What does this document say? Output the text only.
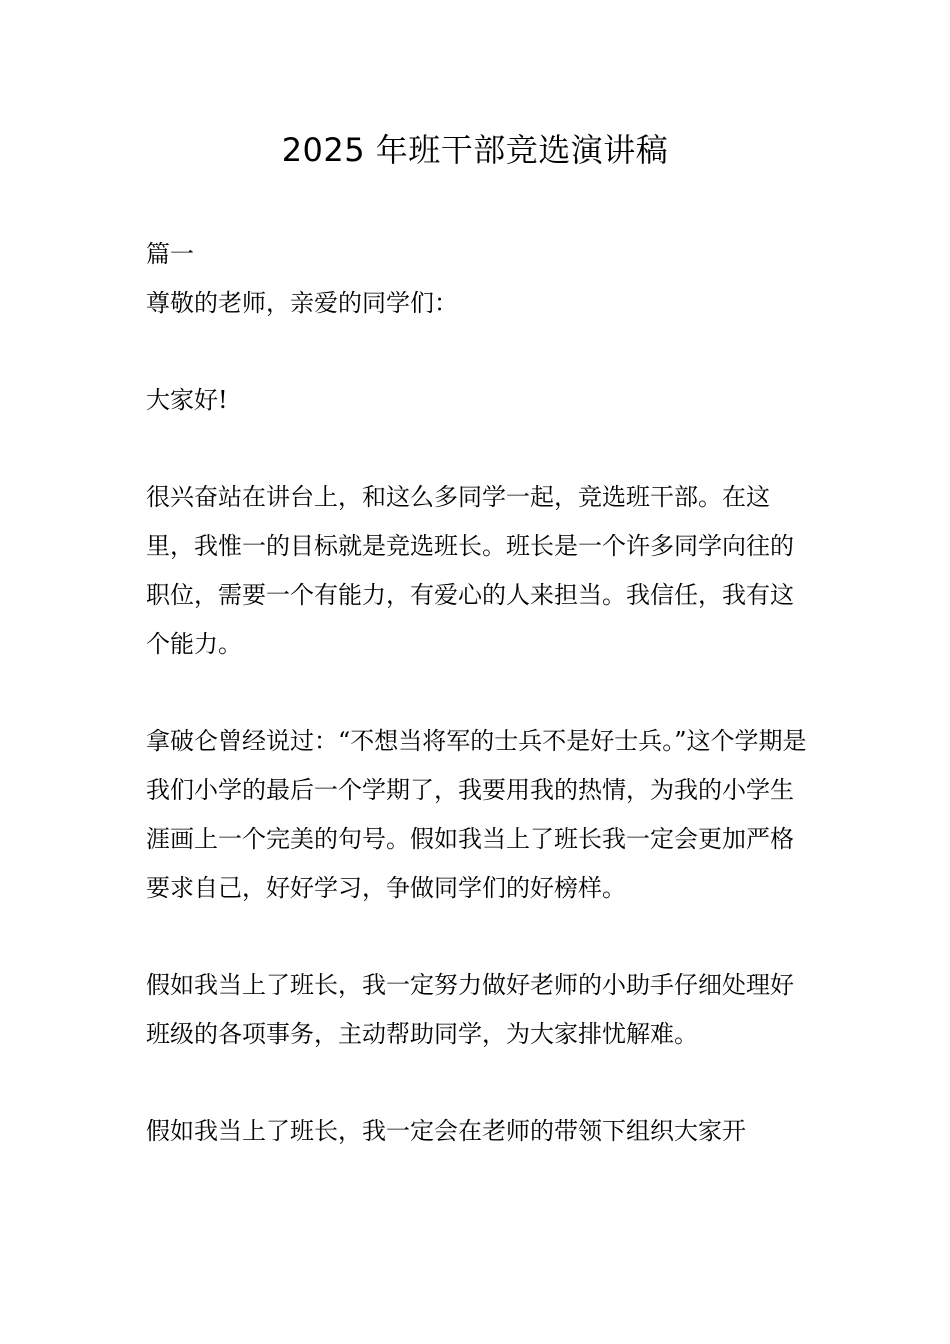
2025 年班干部竞选演讲稿

篇一

尊敬的老师，亲爱的同学们：

大家好!

很兴奋站在讲台上，和这么多同学一起，竞选班干部。在这里，我惟一的目标就是竞选班长。班长是一个许多同学向往的职位，需要一个有能力，有爱心的人来担当。我信任，我有这个能力。

拿破仑曾经说过：“不想当将军的士兵不是好士兵。”这个学期是我们小学的最后一个学期了，我要用我的热情，为我的小学生涯画上一个完美的句号。假如我当上了班长我一定会更加严格要求自己，好好学习，争做同学们的好榜样。

假如我当上了班长，我一定努力做好老师的小助手仔细处理好班级的各项事务，主动帮助同学，为大家排忧解难。

假如我当上了班长，我一定会在老师的带领下组织大家开
